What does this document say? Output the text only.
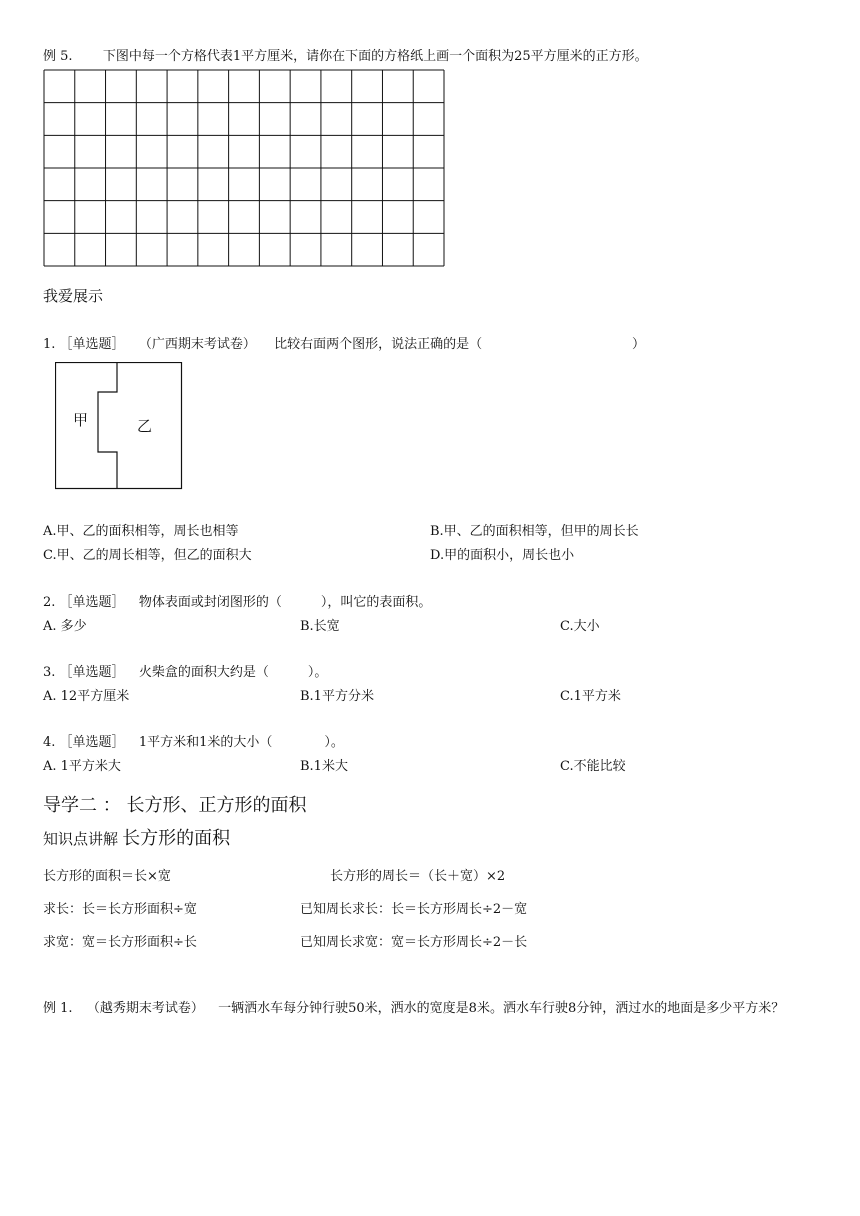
例 5. 下图中每一个方格代表1平方厘米，请你在下面的方格纸上画一个面积为25平方厘米的正方形。
我爱展示
1. ［单选题］ （广西期末考试卷） 比较右面两个图形，说法正确的是（	）
甲	乙
A.甲、乙的面积相等，周长也相等	B.甲、乙的面积相等，但甲的周长长
C.甲、乙的周长相等，但乙的面积大	D.甲的面积小，周长也小
2. ［单选题］ 物体表面或封闭图形的（　　　），叫它的表面积。
A. 多少	B.长宽	C.大小
3. ［单选题］ 火柴盒的面积大约是（　　　）。
A. 12平方厘米	B.1平方分米	C.1平方米
4. ［单选题］ 1平方米和1米的大小（　　　　）。
A. 1平方米大	B.1米大	C.不能比较
导学二 ： 长方形、正方形的面积
知识点讲解 长方形的面积
长方形的面积＝长×宽	长方形的周长＝（长＋宽）×2
求长：长＝长方形面积÷宽	已知周长求长：长＝长方形周长÷2－宽
求宽：宽＝长方形面积÷长	已知周长求宽：宽＝长方形周长÷2－长
例 1. （越秀期末考试卷） 一辆洒水车每分钟行驶50米，洒水的宽度是8米。洒水车行驶8分钟，洒过水的地面是多少平方米？
